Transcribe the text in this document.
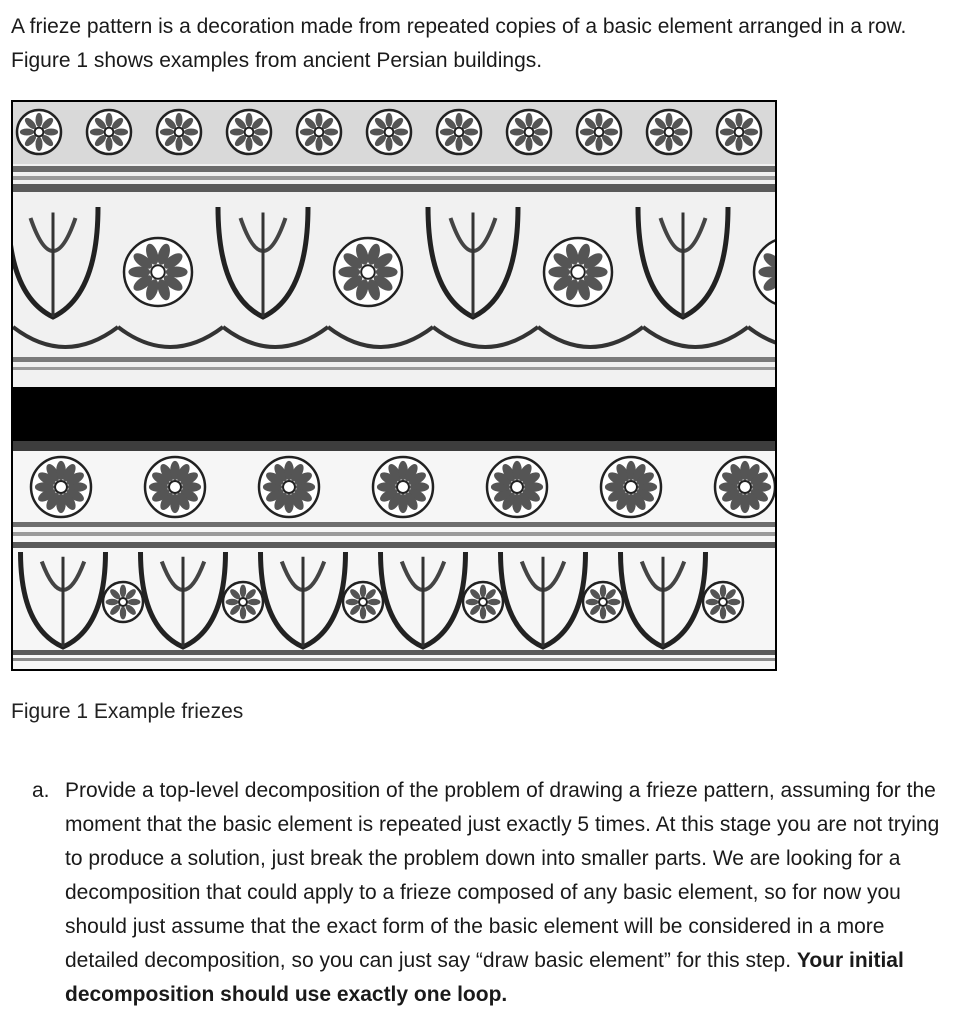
A frieze pattern is a decoration made from repeated copies of a basic element arranged in a row. Figure 1 shows examples from ancient Persian buildings.

Figure 1 Example friezes

a. Provide a top-level decomposition of the problem of drawing a frieze pattern, assuming for the moment that the basic element is repeated just exactly 5 times. At this stage you are not trying to produce a solution, just break the problem down into smaller parts. We are looking for a decomposition that could apply to a frieze composed of any basic element, so for now you should just assume that the exact form of the basic element will be considered in a more detailed decomposition, so you can just say “draw basic element” for this step. Your initial decomposition should use exactly one loop.
